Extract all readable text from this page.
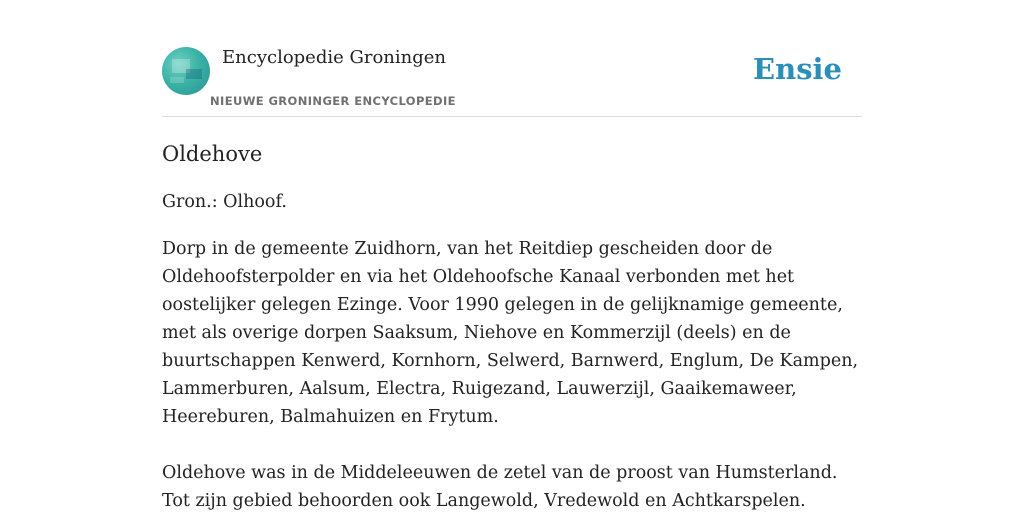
Encyclopedie Groningen
NIEUWE GRONINGER ENCYCLOPEDIE
Ensie
Oldehove

Gron.: Olhoof.

Dorp in de gemeente Zuidhorn, van het Reitdiep gescheiden door de Oldehoofsterpolder en via het Oldehoofsche Kanaal verbonden met het oostelijker gelegen Ezinge. Voor 1990 gelegen in de gelijknamige gemeente, met als overige dorpen Saaksum, Niehove en Kommerzijl (deels) en de buurtschappen Kenwerd, Kornhorn, Selwerd, Barnwerd, Englum, De Kampen, Lammerburen, Aalsum, Electra, Ruigezand, Lauwerzijl, Gaaikemaweer, Heereburen, Balmahuizen en Frytum.

Oldehove was in de Middeleeuwen de zetel van de proost van Humsterland. Tot zijn gebied behoorden ook Langewold, Vredewold en Achtkarspelen.
